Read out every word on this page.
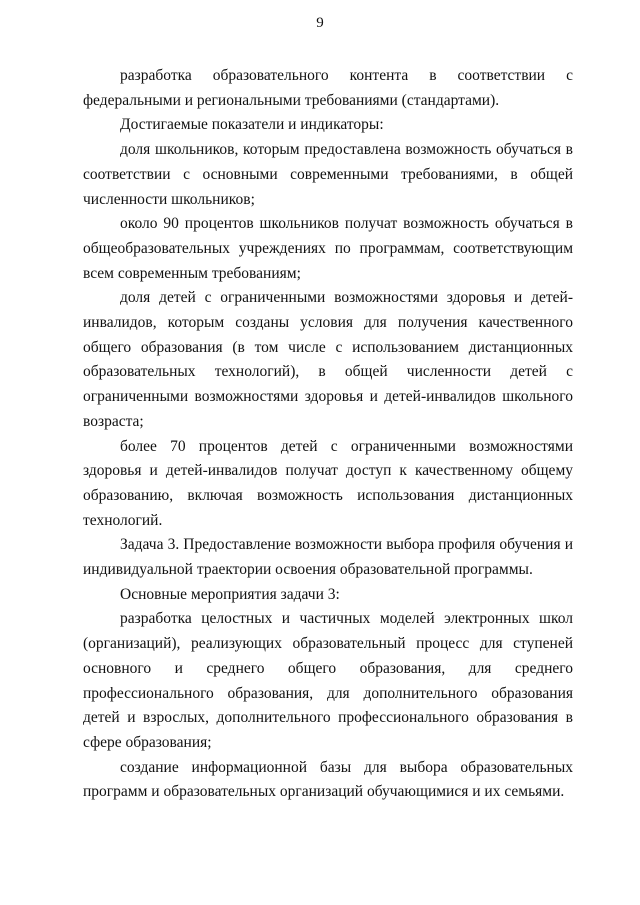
9

разработка образовательного контента в соответствии с федеральными и региональными требованиями (стандартами).

Достигаемые показатели и индикаторы:

доля школьников, которым предоставлена возможность обучаться в соответствии с основными современными требованиями, в общей численности школьников;

около 90 процентов школьников получат возможность обучаться в общеобразовательных учреждениях по программам, соответствующим всем современным требованиям;

доля детей с ограниченными возможностями здоровья и детей-инвалидов, которым созданы условия для получения качественного общего образования (в том числе с использованием дистанционных образовательных технологий), в общей численности детей с ограниченными возможностями здоровья и детей-инвалидов школьного возраста;

более 70 процентов детей с ограниченными возможностями здоровья и детей-инвалидов получат доступ к качественному общему образованию, включая возможность использования дистанционных технологий.

Задача 3. Предоставление возможности выбора профиля обучения и индивидуальной траектории освоения образовательной программы.

Основные мероприятия задачи 3:

разработка целостных и частичных моделей электронных школ (организаций), реализующих образовательный процесс для ступеней основного и среднего общего образования, для среднего профессионального образования, для дополнительного образования детей и взрослых, дополнительного профессионального образования в сфере образования;

создание информационной базы для выбора образовательных программ и образовательных организаций обучающимися и их семьями.
